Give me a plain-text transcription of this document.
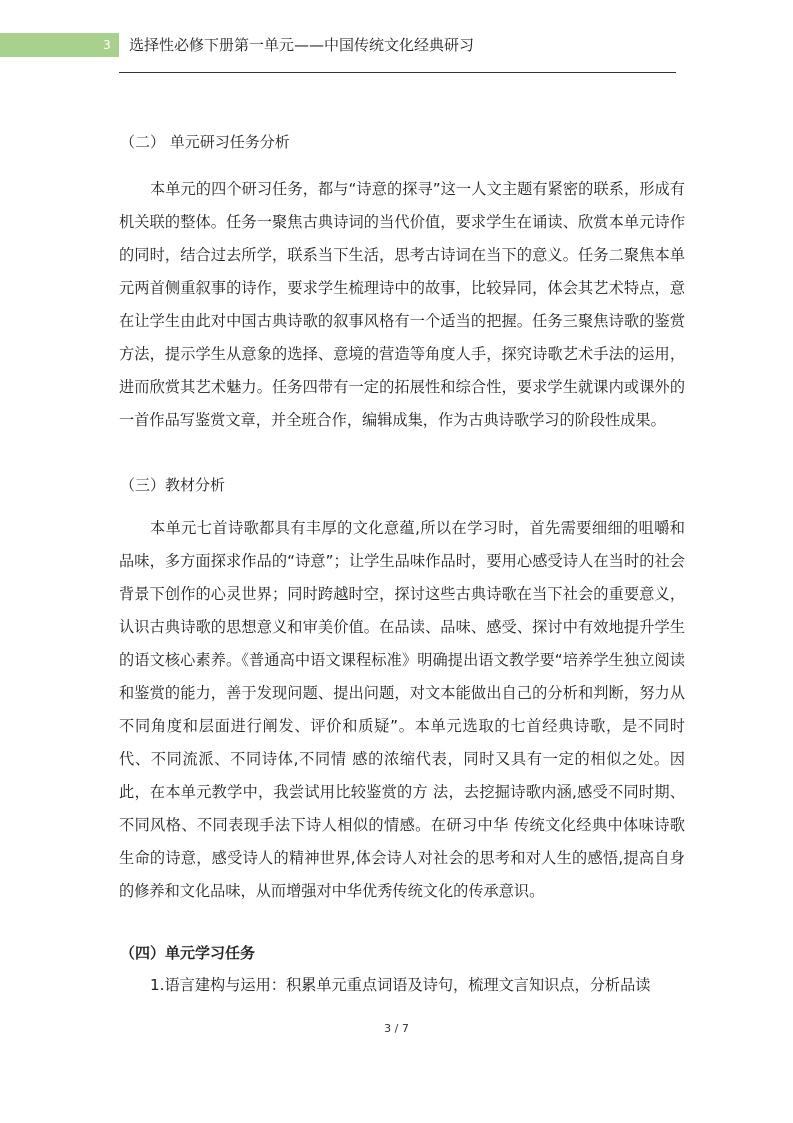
3 选择性必修下册第一单元——中国传统文化经典研习
（二） 单元研习任务分析

本单元的四个研习任务，都与“诗意的探寻”这一人文主题有紧密的联系，形成有机关联的整体。任务一聚焦古典诗词的当代价值，要求学生在诵读、欣赏本单元诗作的同时，结合过去所学，联系当下生活，思考古诗词在当下的意义。任务二聚焦本单元两首侧重叙事的诗作，要求学生梳理诗中的故事，比较异同，体会其艺术特点，意在让学生由此对中国古典诗歌的叙事风格有一个适当的把握。任务三聚焦诗歌的鉴赏方法，提示学生从意象的选择、意境的营造等角度人手，探究诗歌艺术手法的运用，进而欣赏其艺术魅力。任务四带有一定的拓展性和综合性，要求学生就课内或课外的一首作品写鉴赏文章，并全班合作，编辑成集，作为古典诗歌学习的阶段性成果。

（三）教材分析

本单元七首诗歌都具有丰厚的文化意蕴,所以在学习时，首先需要细细的咀嚼和品味，多方面探求作品的“诗意”；让学生品味作品时，要用心感受诗人在当时的社会背景下创作的心灵世界；同时跨越时空，探讨这些古典诗歌在当下社会的重要意义，认识古典诗歌的思想意义和审美价值。在品读、品味、感受、探讨中有效地提升学生的语文核心素养。《普通高中语文课程标准》明确提出语文教学要“培养学生独立阅读和鉴赏的能力，善于发现问题、提出问题，对文本能做出自己的分析和判断，努力从不同角度和层面进行阐发、评价和质疑”。本单元选取的七首经典诗歌，是不同时代、不同流派、不同诗体,不同情 感的浓缩代表，同时又具有一定的相似之处。因此，在本单元教学中，我尝试用比较鉴赏的方 法，去挖掘诗歌内涵,感受不同时期、不同风格、不同表现手法下诗人相似的情感。在研习中华 传统文化经典中体味诗歌生命的诗意，感受诗人的精神世界,体会诗人对社会的思考和对人生的感悟,提高自身的修养和文化品味，从而增强对中华优秀传统文化的传承意识。

（四）单元学习任务
1.语言建构与运用：积累单元重点词语及诗句，梳理文言知识点，分析品读
3 / 7
